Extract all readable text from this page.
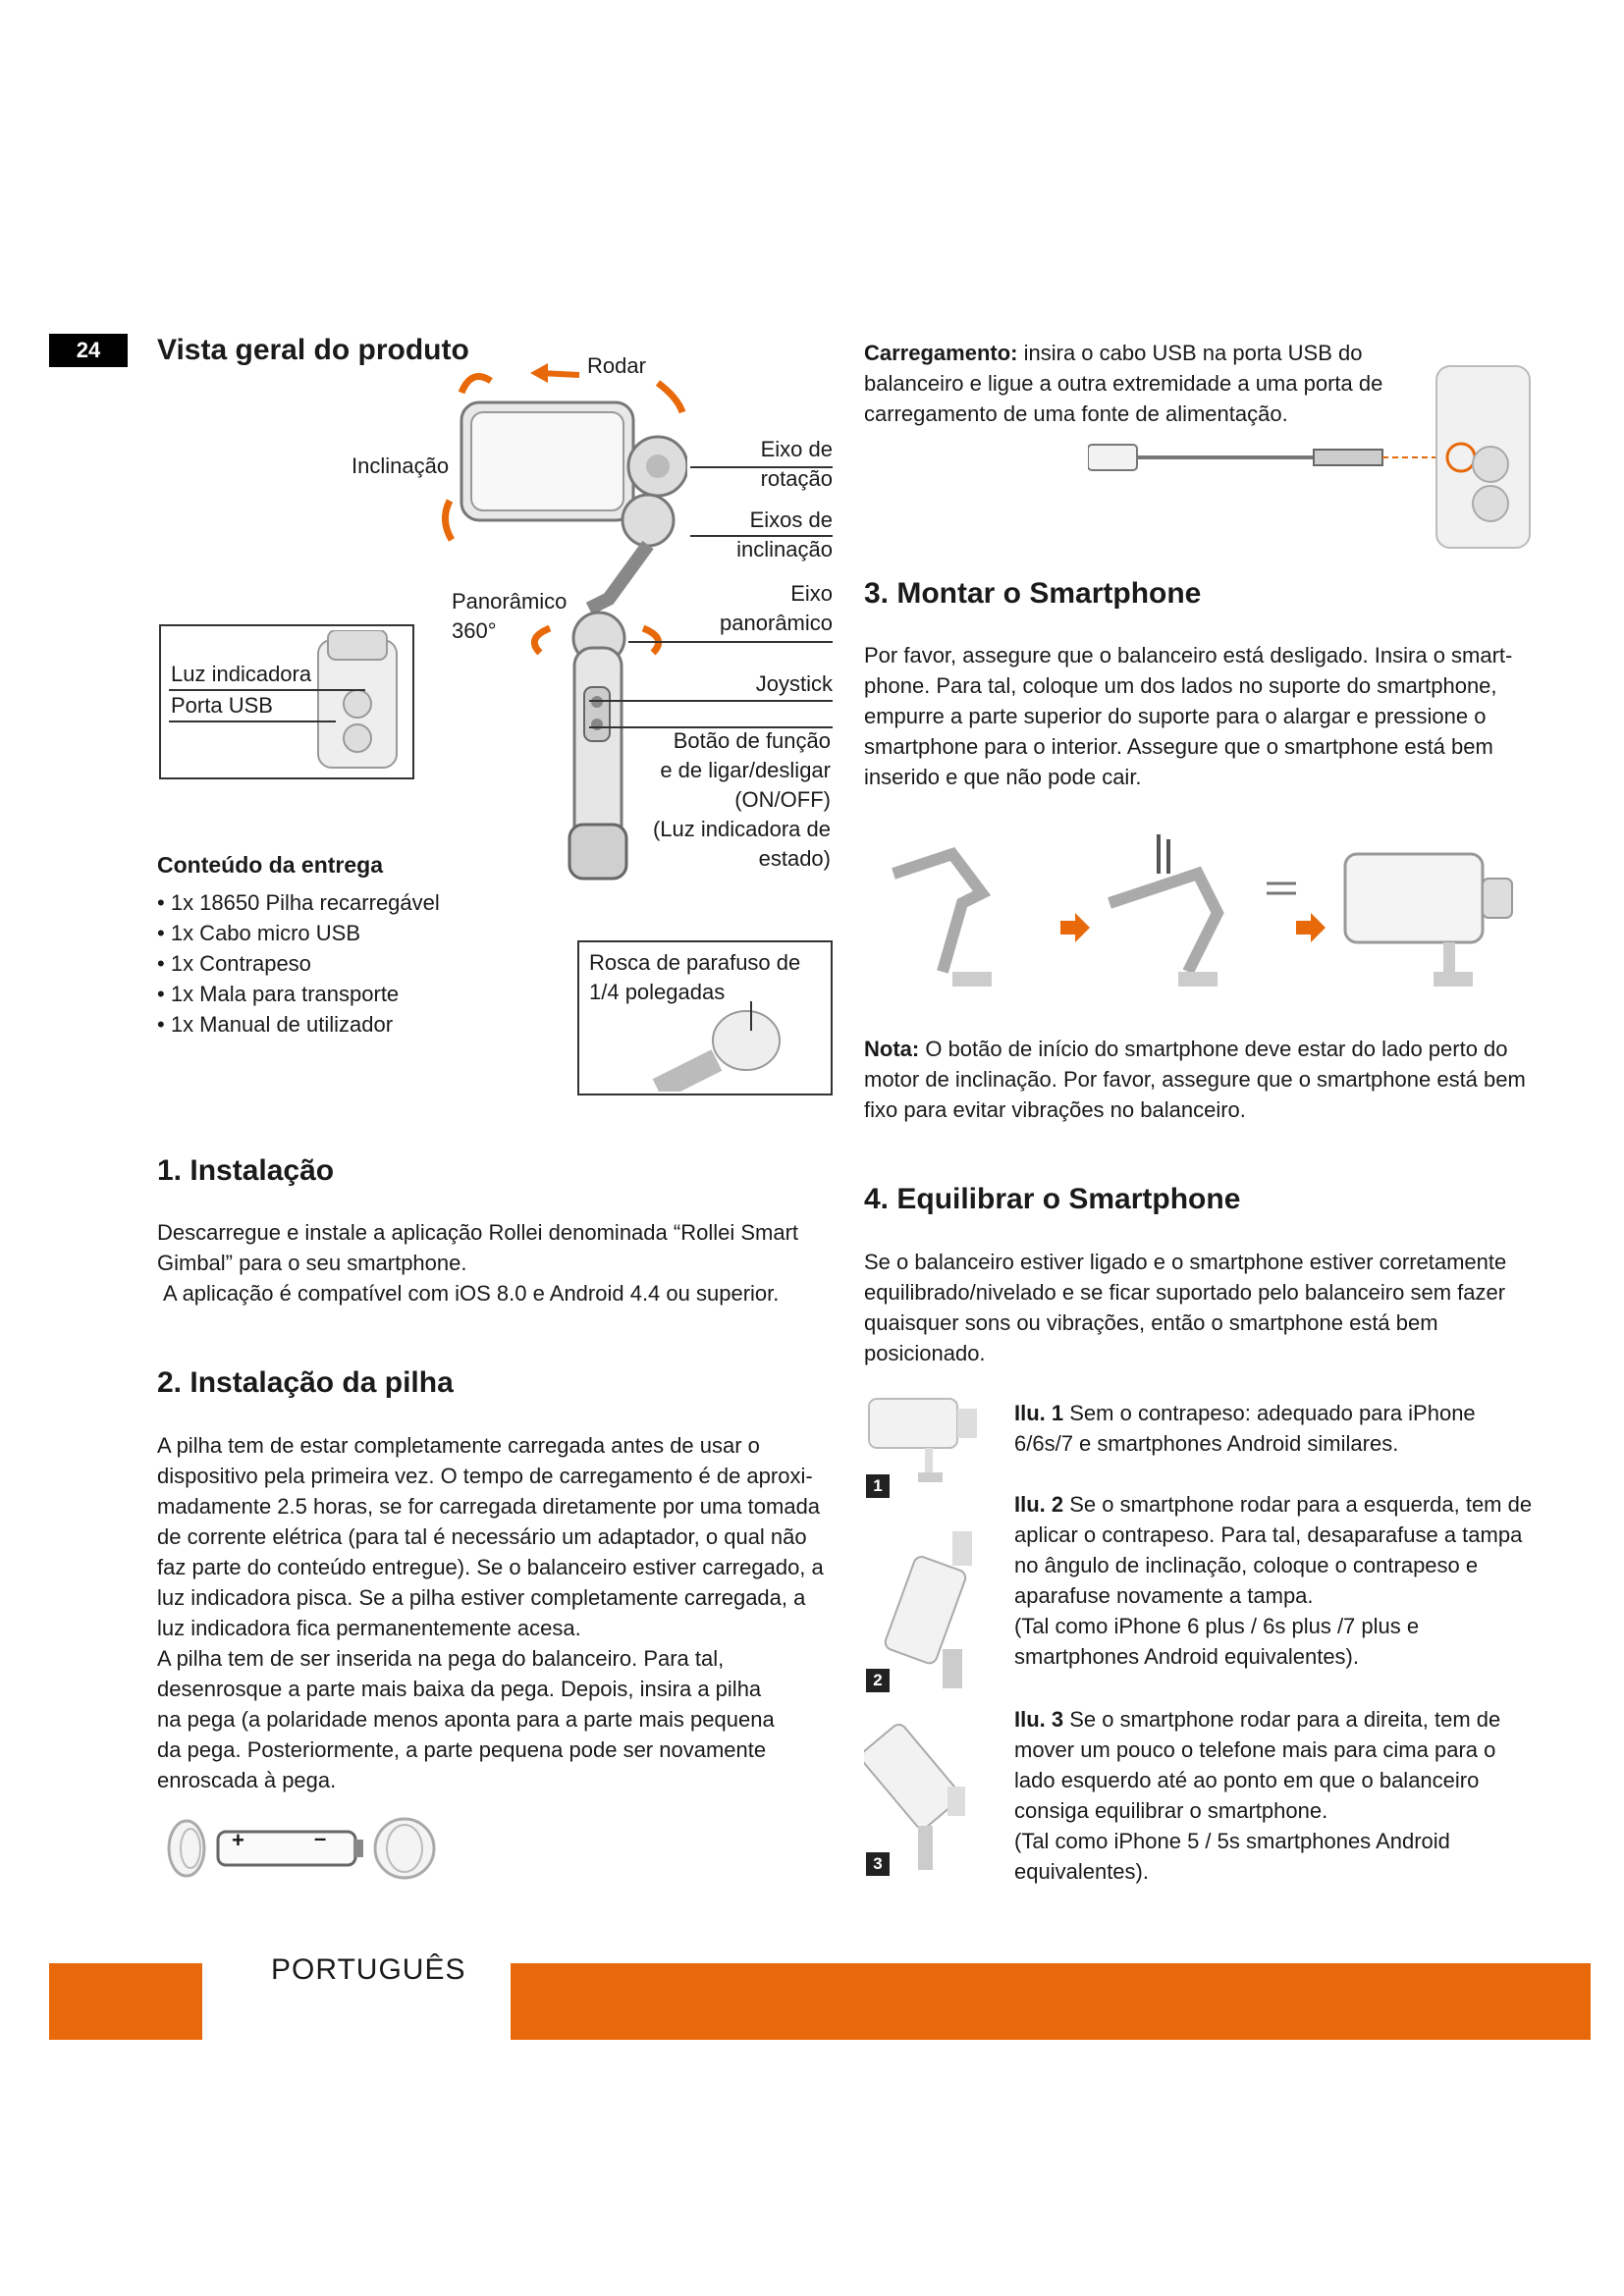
24	Vista geral do produto	Rodar
Inclinação
Eixo de
rotação
Eixos de
inclinação
Panorâmico
360°
Eixo
panorâmico
Joystick
Botão de função
e de ligar/desligar
(ON/OFF)
(Luz indicadora de
estado)
Luz indicadora
Porta USB
Rosca de parafuso de
1/4 polegadas
Conteúdo da entrega
• 1x 18650 Pilha recarregável
• 1x Cabo micro USB
• 1x Contrapeso
• 1x Mala para transporte
• 1x Manual de utilizador
1. Instalação
Descarregue e instale a aplicação Rollei denominada “Rollei Smart Gimbal” para o seu smartphone.
A aplicação é compatível com iOS 8.0 e Android 4.4 ou superior.
2. Instalação da pilha
A pilha tem de estar completamente carregada antes de usar o dispositivo pela primeira vez. O tempo de carregamento é de aproxi-madamente 2.5 horas, se for carregada diretamente por uma tomada de corrente elétrica (para tal é necessário um adaptador, o qual não faz parte do conteúdo entregue). Se o balanceiro estiver carregado, a luz indicadora pisca. Se a pilha estiver completamente carregada, a luz indicadora fica permanentemente acesa.
A pilha tem de ser inserida na pega do balanceiro. Para tal, desenrosque a parte mais baixa da pega. Depois, insira a pilha na pega (a polaridade menos aponta para a parte mais pequena da pega. Posteriormente, a parte pequena pode ser novamente enroscada à pega.
+	–
Carregamento: insira o cabo USB na porta USB do balanceiro e ligue a outra extremidade a uma porta de carregamento de uma fonte de alimentação.
3. Montar o Smartphone
Por favor, assegure que o balanceiro está desligado. Insira o smart-phone. Para tal, coloque um dos lados no suporte do smartphone, empurre a parte superior do suporte para o alargar e pressione o smartphone para o interior. Assegure que o smartphone está bem inserido e que não pode cair.
Nota: O botão de início do smartphone deve estar do lado perto do motor de inclinação. Por favor, assegure que o smartphone está bem fixo para evitar vibrações no balanceiro.
4. Equilibrar o Smartphone
Se o balanceiro estiver ligado e o smartphone estiver corretamente equilibrado/nivelado e se ficar suportado pelo balanceiro sem fazer quaisquer sons ou vibrações, então o smartphone está bem posicionado.
1
2
3
Ilu. 1 Sem o contrapeso: adequado para iPhone 6/6s/7 e smartphones Android similares.
Ilu. 2 Se o smartphone rodar para a esquerda, tem de aplicar o contrapeso. Para tal, desaparafuse a tampa no ângulo de inclinação, coloque o contrapeso e aparafuse novamente a tampa.
(Tal como iPhone 6 plus / 6s plus /7 plus e smartphones Android equivalentes).
Ilu. 3 Se o smartphone rodar para a direita, tem de mover um pouco o telefone mais para cima para o lado esquerdo até ao ponto em que o balanceiro consiga equilibrar o smartphone.
(Tal como iPhone 5 / 5s smartphones Android equivalentes).
PORTUGUÊS
